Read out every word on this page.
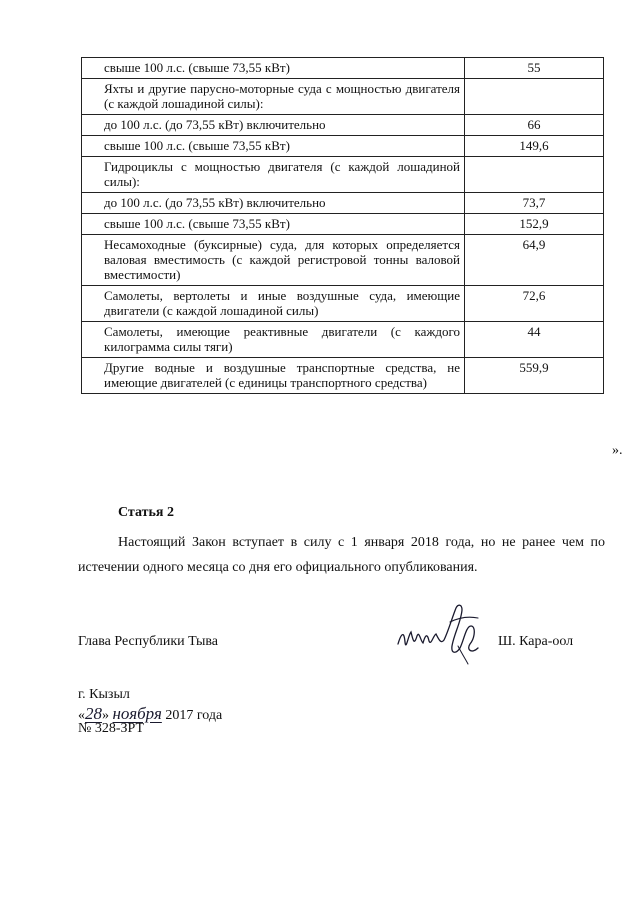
свыше 100 л.с. (свыше 73,55 кВт)	55
Яхты и другие парусно-моторные суда с мощностью двигателя (с каждой лошадиной силы):	
до 100 л.с. (до 73,55 кВт) включительно	66
свыше 100 л.с. (свыше 73,55 кВт)	149,6
Гидроциклы с мощностью двигателя (с каждой лошадиной силы):	
до 100 л.с. (до 73,55 кВт) включительно	73,7
свыше 100 л.с. (свыше 73,55 кВт)	152,9
Несамоходные (буксирные) суда, для которых определяется валовая вместимость (с каждой регистровой тонны валовой вместимости)	64,9
Самолеты, вертолеты и иные воздушные суда, имеющие двигатели (с каждой лошадиной силы)	72,6
Самолеты, имеющие реактивные двигатели (с каждого килограмма силы тяги)	44
Другие водные и воздушные транспортные средства, не имеющие двигателей (с единицы транспортного средства)	559,9
».
Статья 2
Настоящий Закон вступает в силу с 1 января 2018 года, но не ранее чем по истечении одного месяца со дня его официального опубликования.
Глава Республики Тыва	Ш. Кара-оол
г. Кызыл
«28» ноября 2017 года
№ 328-ЗРТ
